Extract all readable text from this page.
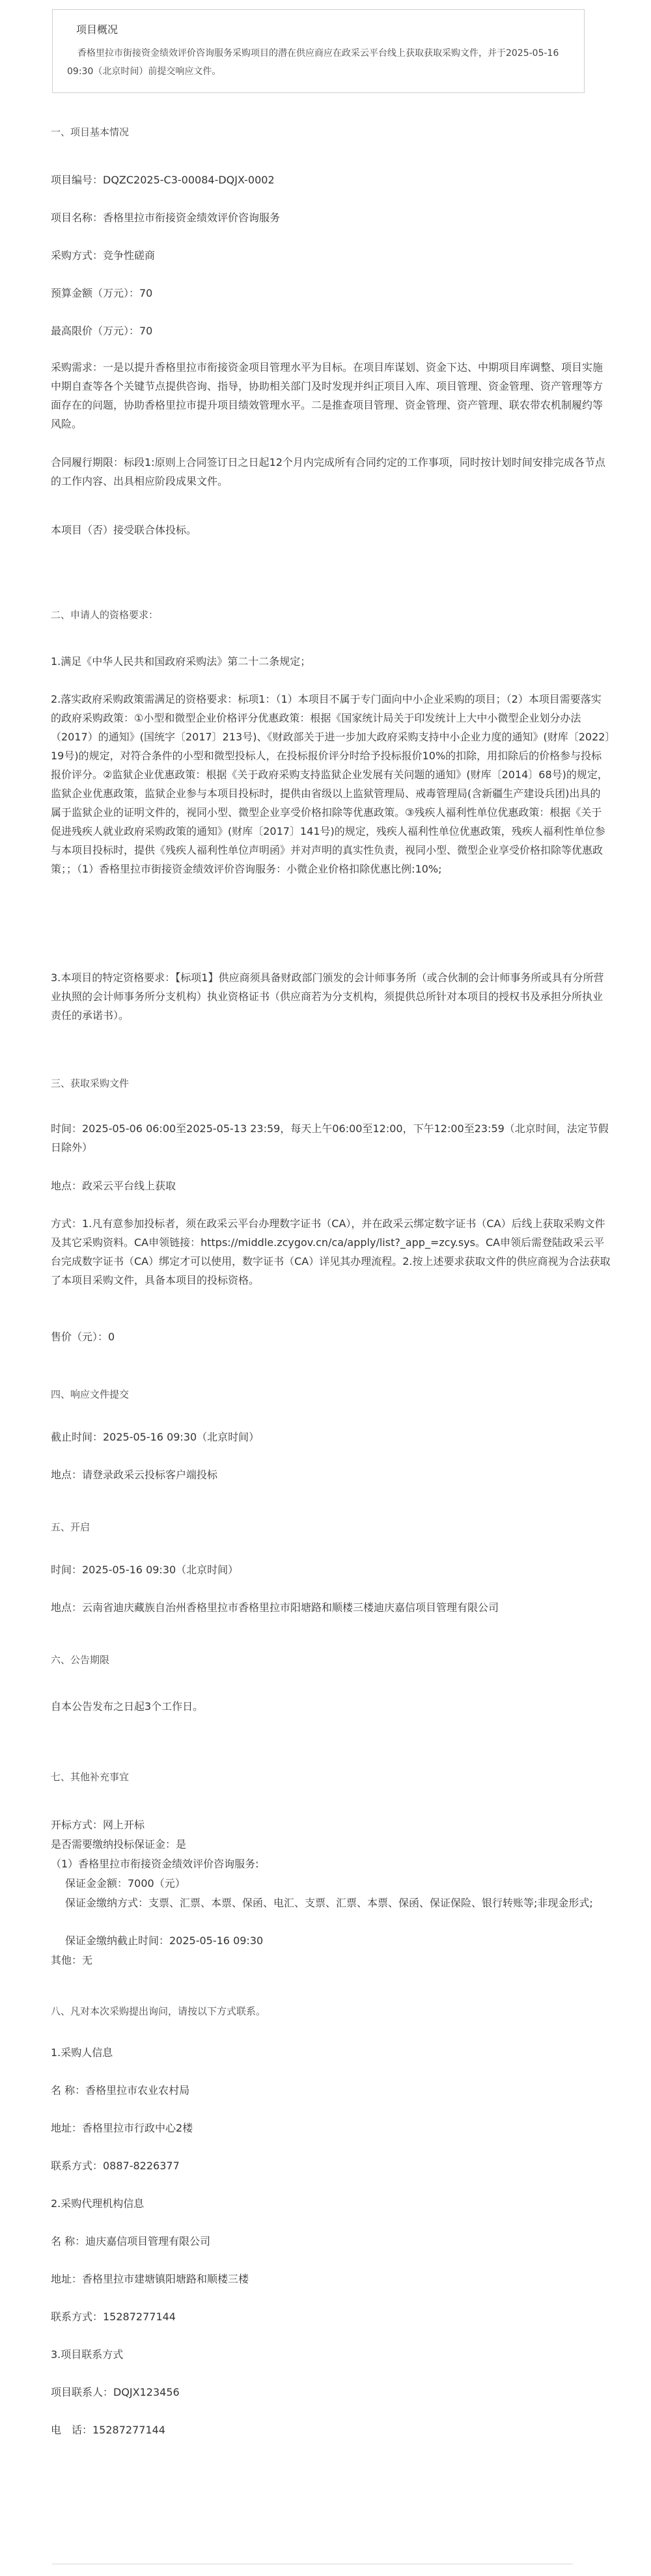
项目概况
香格里拉市街接资金绩效评价咨询服务采购项目的潜在供应商应在政采云平台线上获取获取采购文件，并于2025-05-16 09:30（北京时间）前提交响应文件。
一、项目基本情况
项目编号：DQZC2025-C3-00084-DQJX-0002
项目名称：香格里拉市衔接资金绩效评价咨询服务
采购方式：竞争性磋商
预算金额（万元）：70
最高限价（万元）：70
采购需求：一是以提升香格里拉市衔接资金项目管理水平为目标。在项目库谋划、资金下达、中期项目库调整、项目实施中期自查等各个关键节点提供咨询、指导，协助相关部门及时发现并纠正项目入库、项目管理、资金管理、资产管理等方面存在的问题，协助香格里拉市提升项目绩效管理水平。二是推查项目管理、资金管理、资产管理、联农带农机制履约等风险。
合同履行期限：标段1:原则上合同签订日之日起12个月内完成所有合同约定的工作事项，同时按计划时间安排完成各节点的工作内容、出具相应阶段成果文件。
本项目（否）接受联合体投标。
二、申请人的资格要求：
1.满足《中华人民共和国政府采购法》第二十二条规定；
2.落实政府采购政策需满足的资格要求：标项1：（1）本项目不属于专门面向中小企业采购的项目；（2）本项目需要落实的政府采购政策：①小型和微型企业价格评分优惠政策：根据《国家统计局关于印发统计上大中小微型企业划分办法（2017）的通知》(国统字〔2017〕213号)、《财政部关于进一步加大政府采购支持中小企业力度的通知》(财库〔2022〕19号)的规定，对符合条件的小型和微型投标人，在投标报价评分时给予投标报价10%的扣除，用扣除后的价格参与投标报价评分。②监狱企业优惠政策：根据《关于政府采购支持监狱企业发展有关问题的通知》(财库〔2014〕68号)的规定，监狱企业优惠政策，监狱企业参与本项目投标时，提供由省级以上监狱管理局、戒毒管理局(含新疆生产建设兵团)出具的属于监狱企业的证明文件的，视同小型、微型企业享受价格扣除等优惠政策。③残疾人福利性单位优惠政策：根据《关于促进残疾人就业政府采购政策的通知》(财库〔2017〕141号)的规定，残疾人福利性单位优惠政策，残疾人福利性单位参与本项目投标时，提供《残疾人福利性单位声明函》并对声明的真实性负责，视同小型、微型企业享受价格扣除等优惠政策；；（1）香格里拉市街接资金绩效评价咨询服务：小微企业价格扣除优惠比例:10%;
3.本项目的特定资格要求：【标项1】供应商须具备财政部门颁发的会计师事务所（或合伙制的会计师事务所或具有分所营业执照的会计师事务所分支机构）执业资格证书（供应商若为分支机构，须提供总所针对本项目的授权书及承担分所执业责任的承诺书）。
三、获取采购文件
时间：2025-05-06 06:00至2025-05-13 23:59，每天上午06:00至12:00，下午12:00至23:59（北京时间，法定节假日除外）
地点：政采云平台线上获取
方式：1.凡有意参加投标者，须在政采云平台办理数字证书（CA），并在政采云绑定数字证书（CA）后线上获取采购文件及其它采购资料。CA申领链接：https://middle.zcygov.cn/ca/apply/list?_app_=zcy.sys。CA申领后需登陆政采云平台完成数字证书（CA）绑定才可以使用，数字证书（CA）详见其办理流程。2.按上述要求获取文件的供应商视为合法获取了本项目采购文件，具备本项目的投标资格。
售价（元）：0
四、响应文件提交
截止时间：2025-05-16 09:30（北京时间）
地点：请登录政采云投标客户端投标
五、开启
时间：2025-05-16 09:30（北京时间）
地点：云南省迪庆藏族自治州香格里拉市香格里拉市阳塘路和顺楼三楼迪庆嘉信项目管理有限公司
六、公告期限
自本公告发布之日起3个工作日。
七、其他补充事宜
开标方式：网上开标
是否需要缴纳投标保证金：是
（1）香格里拉市衔接资金绩效评价咨询服务:
保证金金额：7000（元）
保证金缴纳方式：支票、汇票、本票、保函、电汇、支票、汇票、本票、保函、保证保险、银行转账等;非现金形式;
保证金缴纳截止时间：2025-05-16 09:30
其他：无
八、凡对本次采购提出询问，请按以下方式联系。
1.采购人信息
名 称：香格里拉市农业农村局
地址：香格里拉市行政中心2楼
联系方式：0887-8226377
2.采购代理机构信息
名 称：迪庆嘉信项目管理有限公司
地址：香格里拉市建塘镇阳塘路和顺楼三楼
联系方式：15287277144
3.项目联系方式
项目联系人：DQJX123456
电　话：15287277144
